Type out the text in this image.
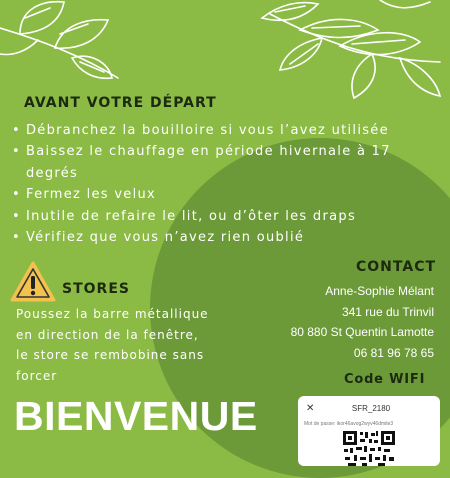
AVANT VOTRE DÉPART
• Débranchez la bouilloire si vous l’avez utilisée
• Baissez le chauffage en période hivernale à 17 degrés
• Fermez les velux
• Inutile de refaire le lit, ou d’ôter les draps
• Vérifiez que vous n’avez rien oublié
STORES
Poussez la barre métallique
en direction de la fenêtre,
le store se rembobine sans
forcer
CONTACT
Anne-Sophie Mélant
341 rue du Trinvil
80 880 St Quentin Lamotte
06 81 96 78 65
Code WIFI
✕	SFR_2180
Mot de passe: ikor46avog2wyv46dmite3
BIENVENUE
